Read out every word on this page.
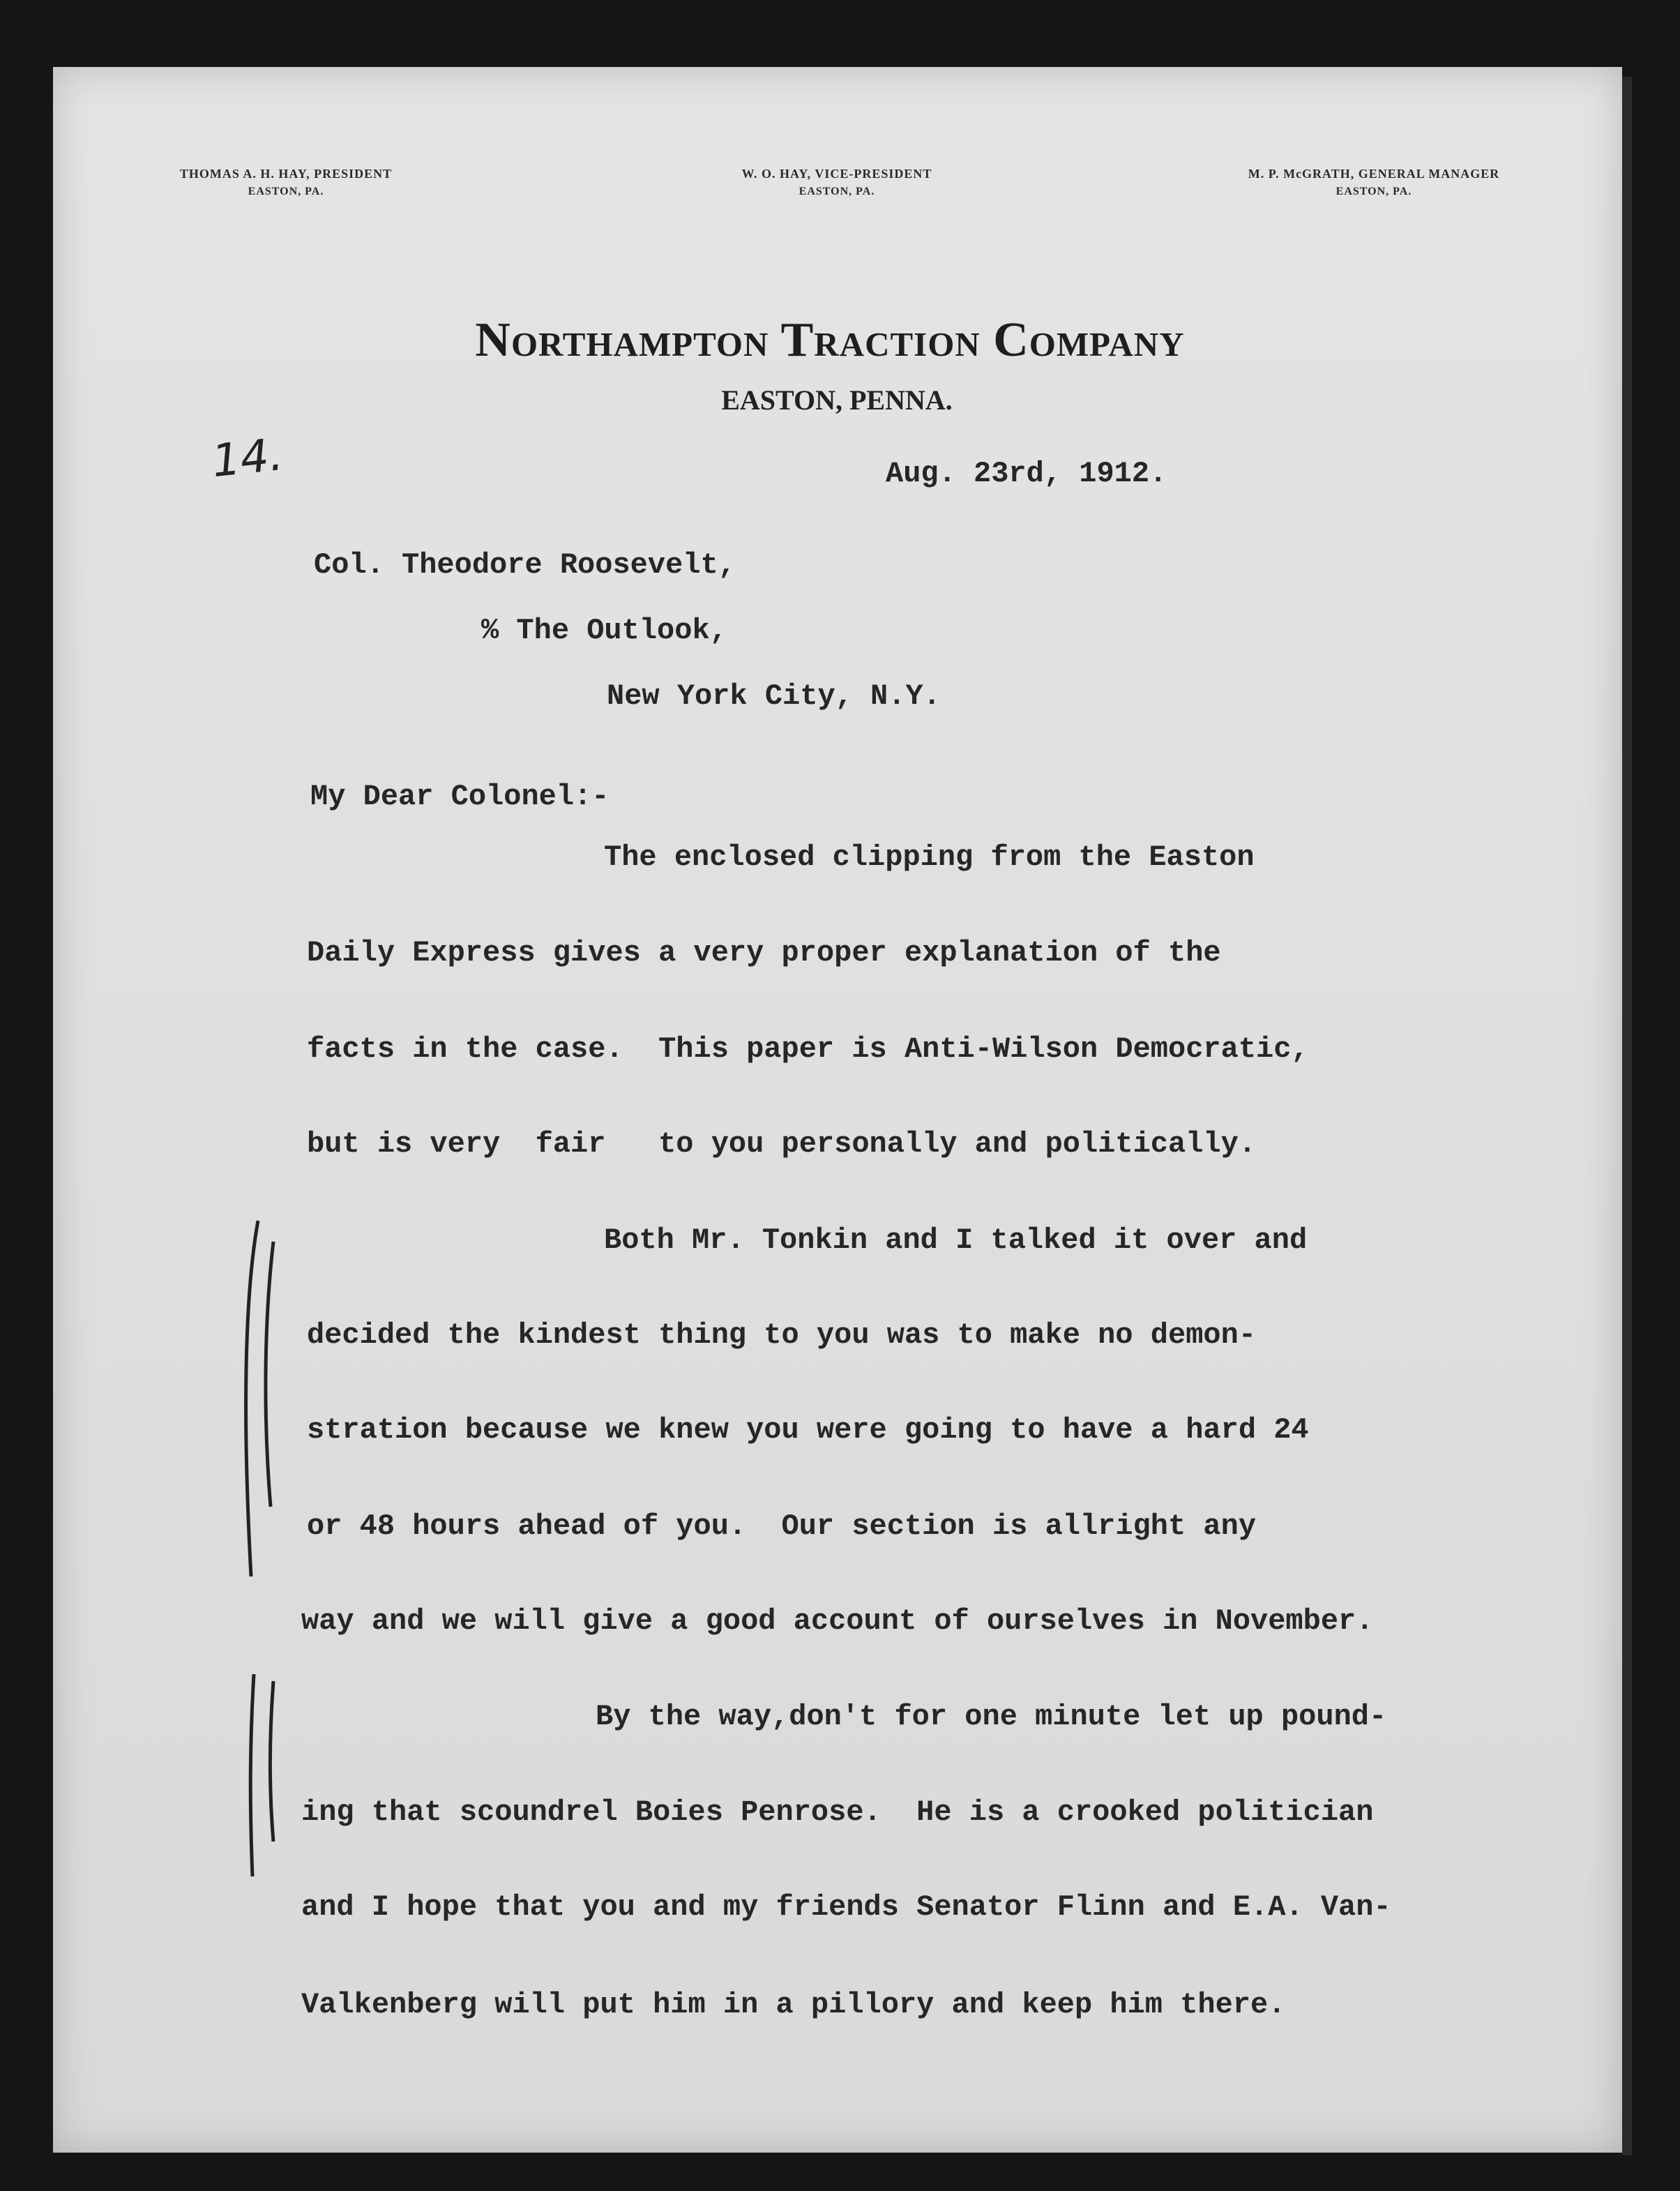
THOMAS A. H. HAY, PRESIDENT
EASTON, PA.
W. O. HAY, VICE-PRESIDENT
EASTON, PA.
M. P. McGRATH, GENERAL MANAGER
EASTON, PA.
Northampton Traction Company
EASTON, PENNA.
14.	Aug. 23rd, 1912.
Col. Theodore Roosevelt,
% The Outlook,
New York City, N.Y.
My Dear Colonel:-
The enclosed clipping from the Easton
Daily Express gives a very proper explanation of the
facts in the case.  This paper is Anti-Wilson Democratic,
but is very  fair   to you personally and politically.
Both Mr. Tonkin and I talked it over and
decided the kindest thing to you was to make no demon-
stration because we knew you were going to have a hard 24
or 48 hours ahead of you.  Our section is allright any
way and we will give a good account of ourselves in November.
By the way,don't for one minute let up pound-
ing that scoundrel Boies Penrose.  He is a crooked politician
and I hope that you and my friends Senator Flinn and E.A. Van-
Valkenberg will put him in a pillory and keep him there.
